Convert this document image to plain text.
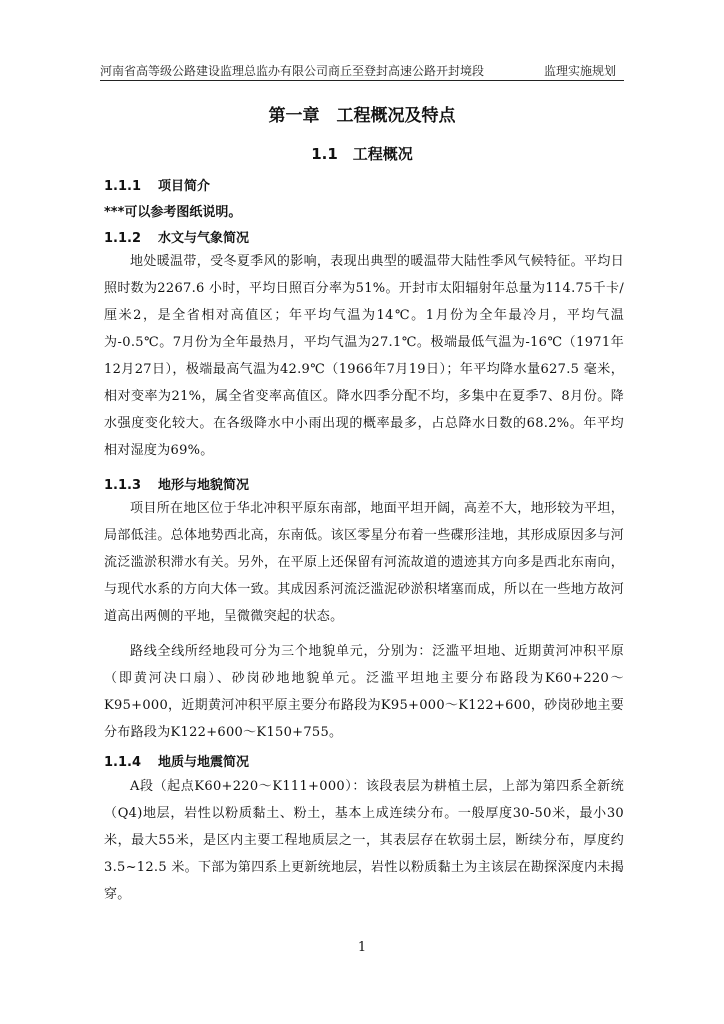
河南省高等级公路建设监理总监办有限公司商丘至登封高速公路开封境段	监理实施规划
第一章　工程概况及特点
1.1　工程概况
1.1.1 项目简介
***可以参考图纸说明。
1.1.2 水文与气象简况

地处暖温带，受冬夏季风的影响，表现出典型的暖温带大陆性季风气候特征。平均日照时数为2267.6 小时，平均日照百分率为51%。开封市太阳辐射年总量为114.75千卡/厘米2，是全省相对高值区；年平均气温为14℃。1月份为全年最冷月，平均气温为-0.5℃。7月份为全年最热月，平均气温为27.1℃。极端最低气温为-16℃（1971年12月27日），极端最高气温为42.9℃（1966年7月19日）；年平均降水量627.5 毫米，相对变率为21%，属全省变率高值区。降水四季分配不均，多集中在夏季7、8月份。降水强度变化较大。在各级降水中小雨出现的概率最多，占总降水日数的68.2%。年平均相对湿度为69%。

1.1.3 地形与地貌简况

项目所在地区位于华北冲积平原东南部，地面平坦开阔，高差不大，地形较为平坦，局部低洼。总体地势西北高，东南低。该区零星分布着一些碟形洼地，其形成原因多与河流泛滥淤积滞水有关。另外，在平原上还保留有河流故道的遗迹其方向多是西北东南向，与现代水系的方向大体一致。其成因系河流泛滥泥砂淤积堵塞而成，所以在一些地方故河道高出两侧的平地，呈微微突起的状态。

路线全线所经地段可分为三个地貌单元，分别为：泛滥平坦地、近期黄河冲积平原（即黄河决口扇）、砂岗砂地地貌单元。泛滥平坦地主要分布路段为K60+220～K95+000，近期黄河冲积平原主要分布路段为K95+000～K122+600，砂岗砂地主要分布路段为K122+600～K150+755。

1.1.4 地质与地震简况

A段（起点K60+220～K111+000）：该段表层为耕植土层，上部为第四系全新统（Q4)地层，岩性以粉质黏土、粉土，基本上成连续分布。一般厚度30-50米，最小30米，最大55米，是区内主要工程地质层之一，其表层存在软弱土层，断续分布，厚度约3.5~12.5 米。下部为第四系上更新统地层，岩性以粉质黏土为主该层在勘探深度内未揭穿。

1
